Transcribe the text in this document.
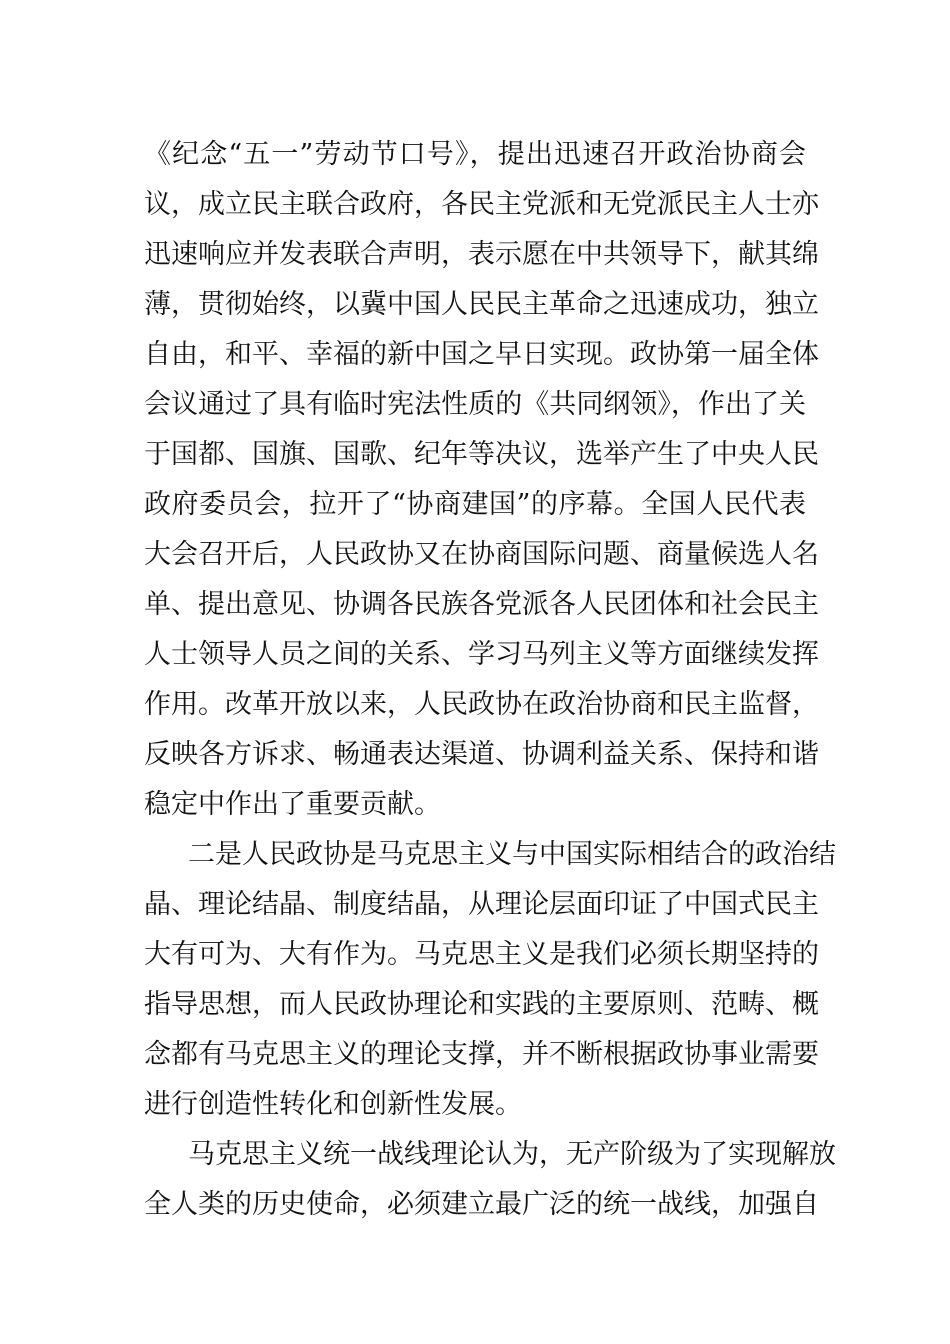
《纪念“五一”劳动节口号》，提出迅速召开政治协商会
议，成立民主联合政府，各民主党派和无党派民主人士亦
迅速响应并发表联合声明，表示愿在中共领导下，献其绵
薄，贯彻始终，以冀中国人民民主革命之迅速成功，独立
自由，和平、幸福的新中国之早日实现。政协第一届全体
会议通过了具有临时宪法性质的《共同纲领》，作出了关
于国都、国旗、国歌、纪年等决议，选举产生了中央人民
政府委员会，拉开了“协商建国”的序幕。全国人民代表
大会召开后，人民政协又在协商国际问题、商量候选人名
单、提出意见、协调各民族各党派各人民团体和社会民主
人士领导人员之间的关系、学习马列主义等方面继续发挥
作用。改革开放以来，人民政协在政治协商和民主监督，
反映各方诉求、畅通表达渠道、协调利益关系、保持和谐
稳定中作出了重要贡献。
二是人民政协是马克思主义与中国实际相结合的政治结
晶、理论结晶、制度结晶，从理论层面印证了中国式民主
大有可为、大有作为。马克思主义是我们必须长期坚持的
指导思想，而人民政协理论和实践的主要原则、范畴、概
念都有马克思主义的理论支撑，并不断根据政协事业需要
进行创造性转化和创新性发展。
马克思主义统一战线理论认为，无产阶级为了实现解放
全人类的历史使命，必须建立最广泛的统一战线，加强自
